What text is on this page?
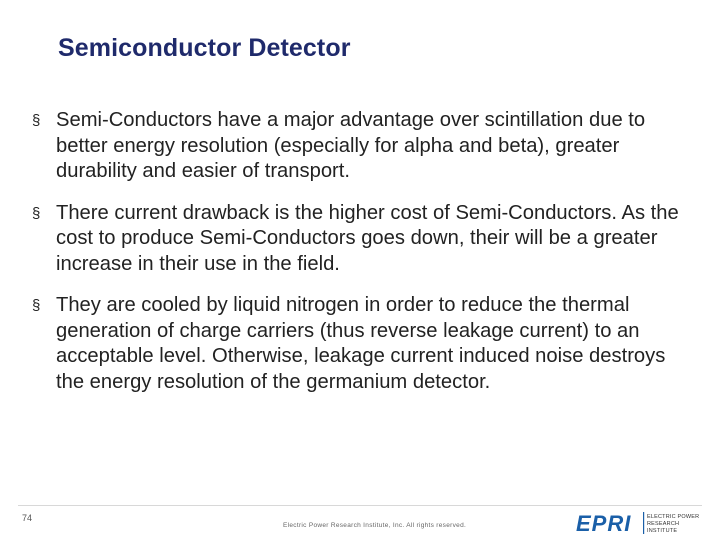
Semiconductor Detector
§ Semi-Conductors have a major advantage over scintillation due to better energy resolution (especially for alpha and beta), greater durability and easier of transport.
§ There current drawback is the higher cost of Semi-Conductors. As the cost to produce Semi-Conductors goes down, their will be a greater increase in their use in the field.
§ They are cooled by liquid nitrogen in order to reduce the thermal generation of charge carriers (thus reverse leakage current) to an acceptable level. Otherwise, leakage current induced noise destroys the energy resolution of the germanium detector.
74
Electric Power Research Institute, Inc. All rights reserved.	EPRI	ELECTRIC POWER
RESEARCH INSTITUTE
